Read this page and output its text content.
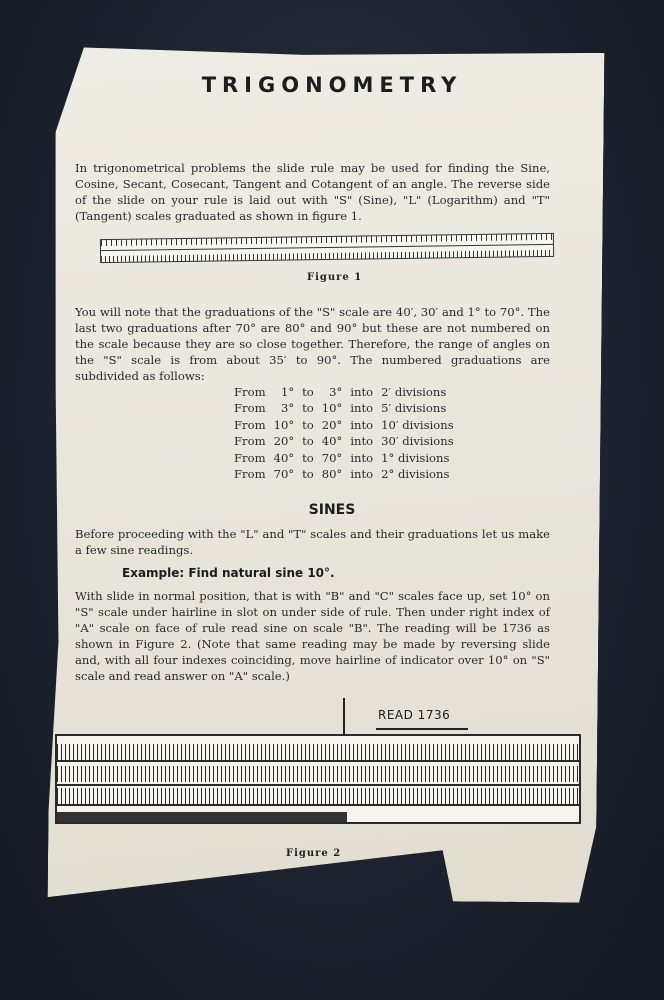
TRIGONOMETRY

In trigonometrical problems the slide rule may be used for finding the Sine, Cosine, Secant, Cosecant, Tangent and Cotangent of an angle. The reverse side of the slide on your rule is laid out with "S" (Sine), "L" (Logarithm) and "T" (Tangent) scales graduated as shown in figure 1.

Figure 1

You will note that the graduations of the "S" scale are 40′, 30′ and 1° to 70°. The last two graduations after 70° are 80° and 90° but these are not numbered on the scale because they are so close together. Therefore, the range of angles on the "S" scale is from about 35′ to 90°. The numbered graduations are subdivided as follows:

From	1°	to	3°	into	2′ divisions
From	3°	to	10°	into	5′ divisions
From	10°	to	20°	into	10′ divisions
From	20°	to	40°	into	30′ divisions
From	40°	to	70°	into	1° divisions
From	70°	to	80°	into	2° divisions
SINES

Before proceeding with the "L" and "T" scales and their graduations let us make a few sine readings.

Example: Find natural sine 10°.

With slide in normal position, that is with "B" and "C" scales face up, set 10° on "S" scale under hairline in slot on under side of rule. Then under right index of "A" scale on face of rule read sine on scale "B". The reading will be 1736 as shown in Figure 2. (Note that same reading may be made by reversing slide and, with all four indexes coinciding, move hairline of indicator over 10° on "S" scale and read answer on "A" scale.)

READ 1736
ADE IN U.S.A.
Figure 2
